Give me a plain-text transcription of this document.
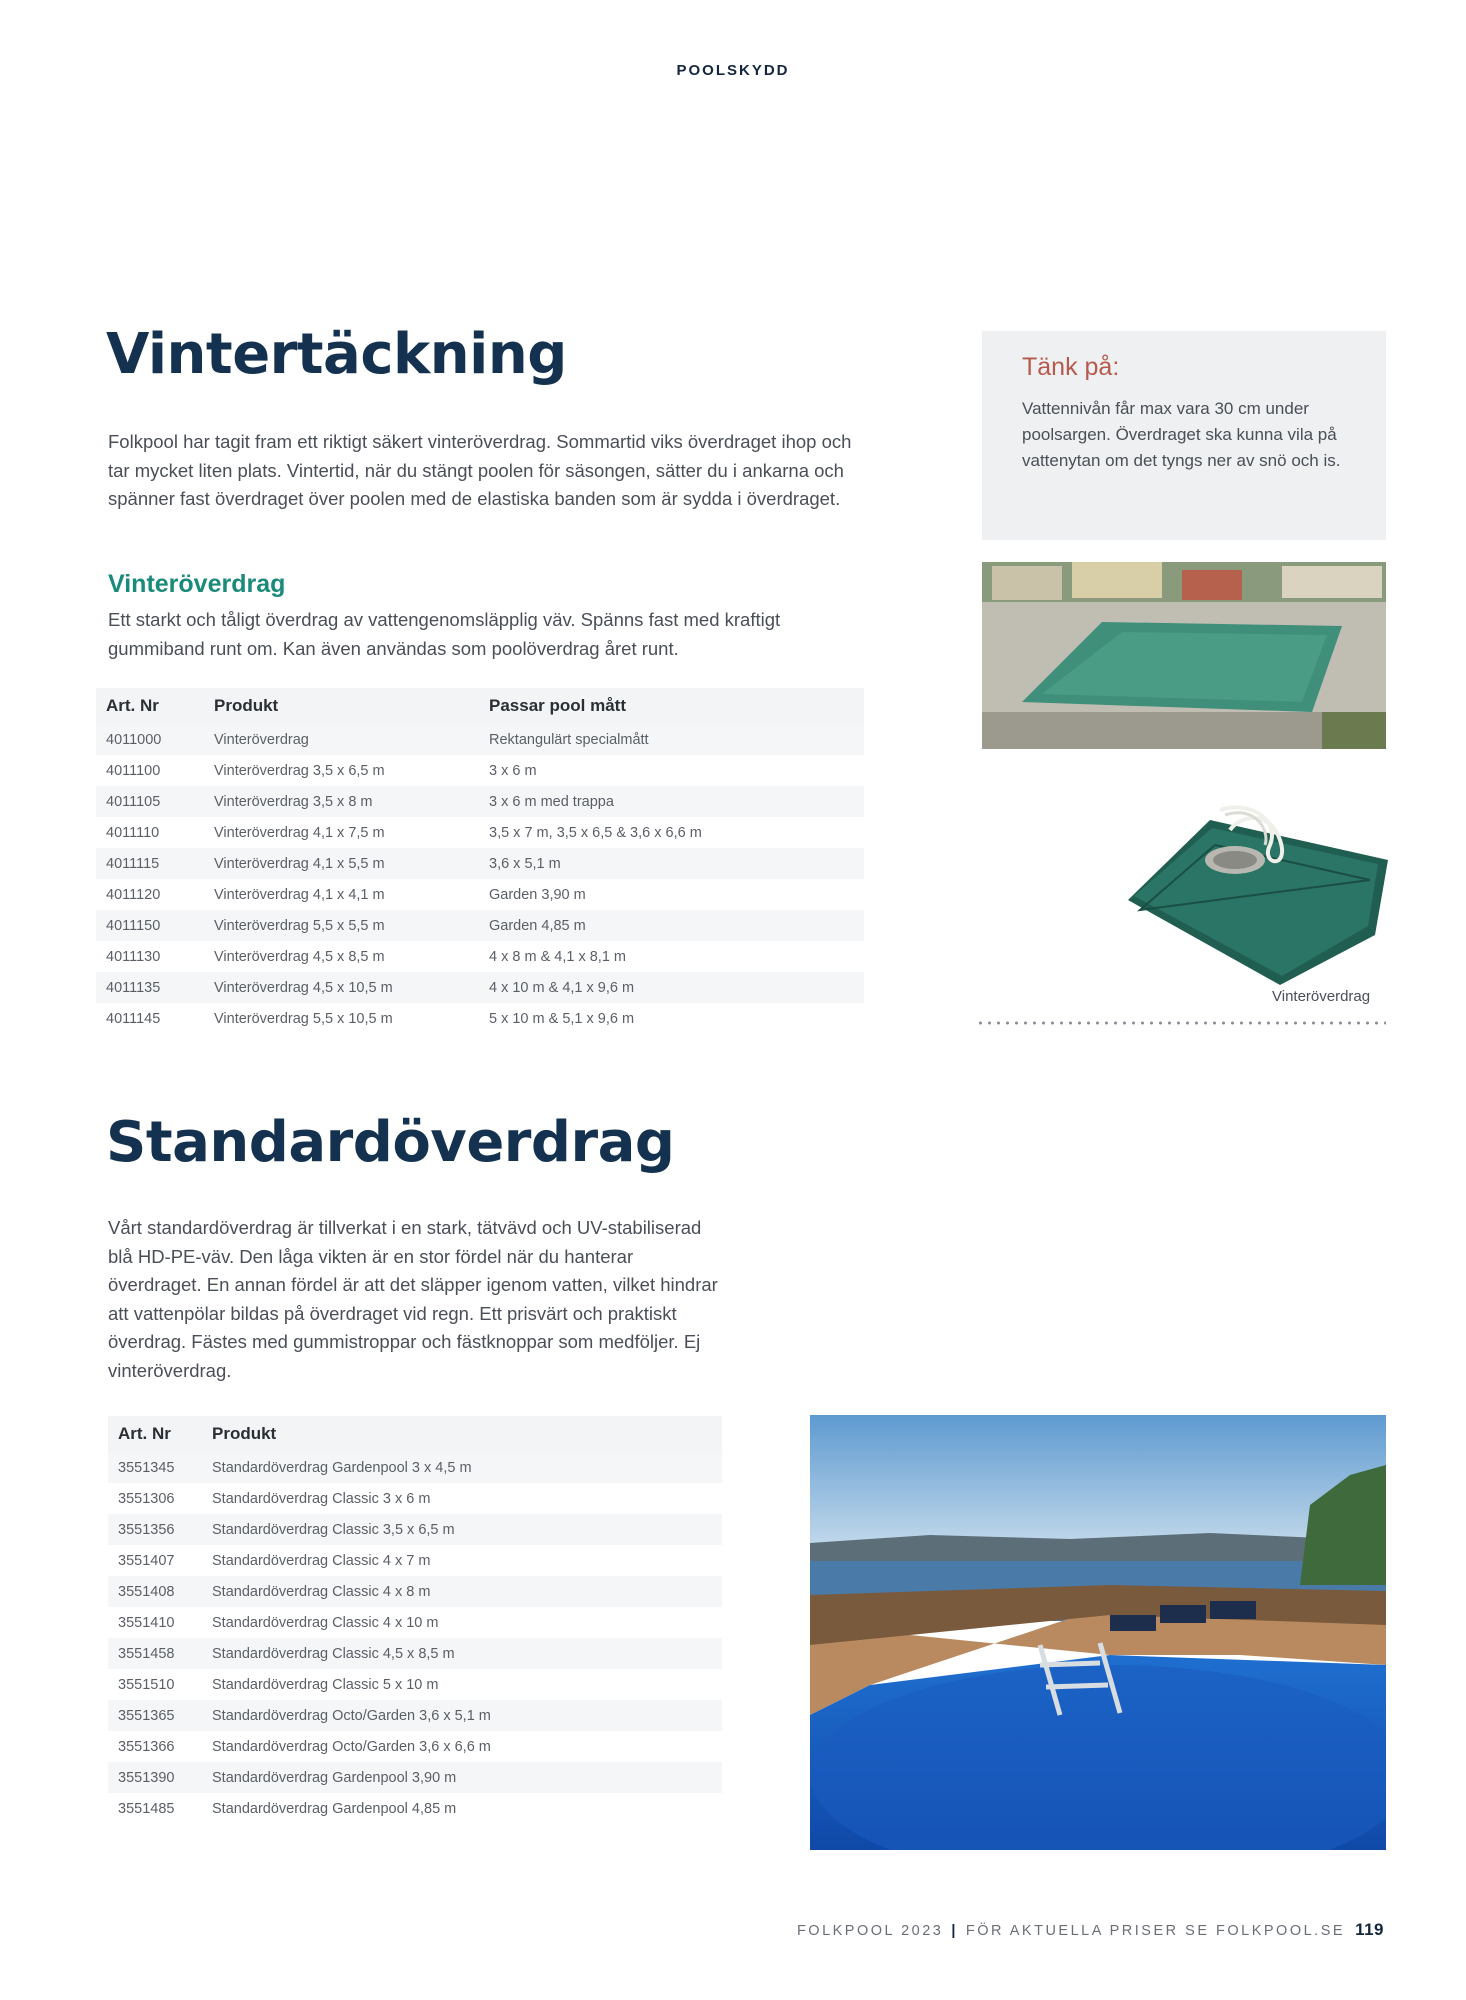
POOLSKYDD
Vintertäckning

Folkpool har tagit fram ett riktigt säkert vinteröverdrag. Sommartid viks överdraget ihop och tar mycket liten plats. Vintertid, när du stängt poolen för säsongen, sätter du i ankarna och spänner fast överdraget över poolen med de elastiska banden som är sydda i överdraget.

Vinteröverdrag

Ett starkt och tåligt överdrag av vattengenomsläpplig väv. Spänns fast med kraftigt gummiband runt om. Kan även användas som poolöverdrag året runt.

Art. Nr	Produkt	Passar pool mått
4011000	Vinteröverdrag	Rektangulärt specialmått
4011100	Vinteröverdrag 3,5 x 6,5 m	3 x 6 m
4011105	Vinteröverdrag 3,5 x 8 m	3 x 6 m med trappa
4011110	Vinteröverdrag 4,1 x 7,5 m	3,5 x 7 m, 3,5 x 6,5 & 3,6 x 6,6 m
4011115	Vinteröverdrag 4,1 x 5,5 m	3,6 x 5,1 m
4011120	Vinteröverdrag 4,1 x 4,1 m	Garden 3,90 m
4011150	Vinteröverdrag 5,5 x 5,5 m	Garden 4,85 m
4011130	Vinteröverdrag 4,5 x 8,5 m	4 x 8 m & 4,1 x 8,1 m
4011135	Vinteröverdrag 4,5 x 10,5 m	4 x 10 m & 4,1 x 9,6 m
4011145	Vinteröverdrag 5,5 x 10,5 m	5 x 10 m & 5,1 x 9,6 m
Tänk på:
Vattennivån får max vara 30 cm under poolsargen. Överdraget ska kunna vila på vattenytan om det tyngs ner av snö och is.
Vinteröverdrag
Standardöverdrag

Vårt standardöverdrag är tillverkat i en stark, tätvävd och UV-stabiliserad blå HD-PE-väv. Den låga vikten är en stor fördel när du hanterar överdraget. En annan fördel är att det släpper igenom vatten, vilket hindrar att vattenpölar bildas på överdraget vid regn. Ett prisvärt och praktiskt överdrag. Fästes med gummistroppar och fästknoppar som medföljer. Ej vinteröverdrag.

Art. Nr	Produkt
3551345	Standardöverdrag Gardenpool 3 x 4,5 m
3551306	Standardöverdrag Classic 3 x 6 m
3551356	Standardöverdrag Classic 3,5 x 6,5 m
3551407	Standardöverdrag Classic 4 x 7 m
3551408	Standardöverdrag Classic 4 x 8 m
3551410	Standardöverdrag Classic 4 x 10 m
3551458	Standardöverdrag Classic 4,5 x 8,5 m
3551510	Standardöverdrag Classic 5 x 10 m
3551365	Standardöverdrag Octo/Garden 3,6 x 5,1 m
3551366	Standardöverdrag Octo/Garden 3,6 x 6,6 m
3551390	Standardöverdrag Gardenpool 3,90 m
3551485	Standardöverdrag Gardenpool 4,85 m
FOLKPOOL 2023 | FÖR AKTUELLA PRISER SE FOLKPOOL.SE 119
